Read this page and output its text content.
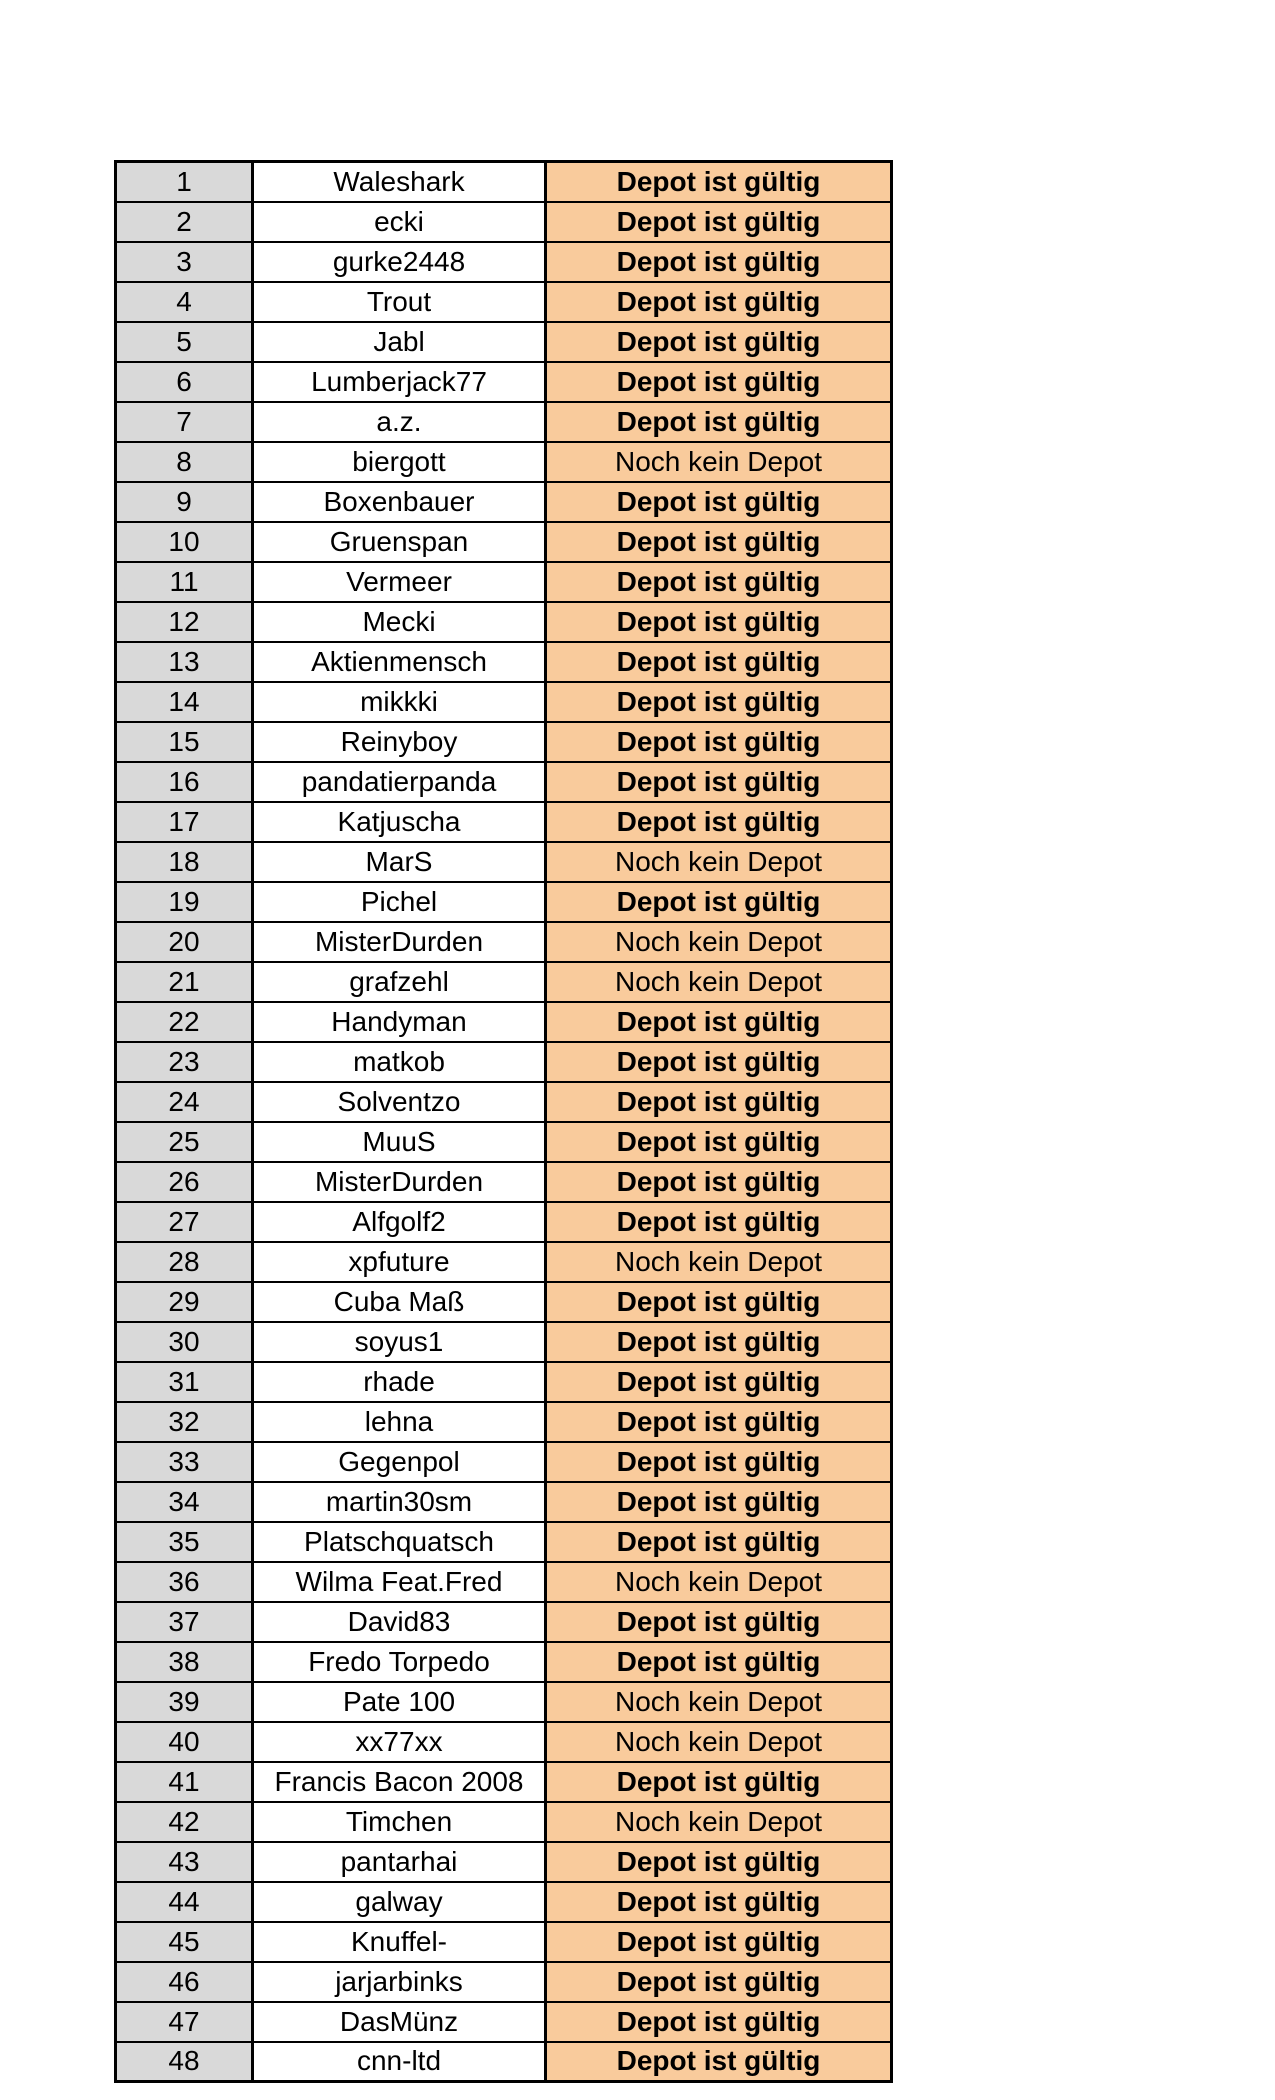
1	Waleshark	Depot ist gültig
2	ecki	Depot ist gültig
3	gurke2448	Depot ist gültig
4	Trout	Depot ist gültig
5	Jabl	Depot ist gültig
6	Lumberjack77	Depot ist gültig
7	a.z.	Depot ist gültig
8	biergott	Noch kein Depot
9	Boxenbauer	Depot ist gültig
10	Gruenspan	Depot ist gültig
11	Vermeer	Depot ist gültig
12	Mecki	Depot ist gültig
13	Aktienmensch	Depot ist gültig
14	mikkki	Depot ist gültig
15	Reinyboy	Depot ist gültig
16	pandatierpanda	Depot ist gültig
17	Katjuscha	Depot ist gültig
18	MarS	Noch kein Depot
19	Pichel	Depot ist gültig
20	MisterDurden	Noch kein Depot
21	grafzehl	Noch kein Depot
22	Handyman	Depot ist gültig
23	matkob	Depot ist gültig
24	Solventzo	Depot ist gültig
25	MuuS	Depot ist gültig
26	MisterDurden	Depot ist gültig
27	Alfgolf2	Depot ist gültig
28	xpfuture	Noch kein Depot
29	Cuba Maß	Depot ist gültig
30	soyus1	Depot ist gültig
31	rhade	Depot ist gültig
32	lehna	Depot ist gültig
33	Gegenpol	Depot ist gültig
34	martin30sm	Depot ist gültig
35	Platschquatsch	Depot ist gültig
36	Wilma Feat.Fred	Noch kein Depot
37	David83	Depot ist gültig
38	Fredo Torpedo	Depot ist gültig
39	Pate 100	Noch kein Depot
40	xx77xx	Noch kein Depot
41	Francis Bacon 2008	Depot ist gültig
42	Timchen	Noch kein Depot
43	pantarhai	Depot ist gültig
44	galway	Depot ist gültig
45	Knuffel-	Depot ist gültig
46	jarjarbinks	Depot ist gültig
47	DasMünz	Depot ist gültig
48	cnn-ltd	Depot ist gültig
